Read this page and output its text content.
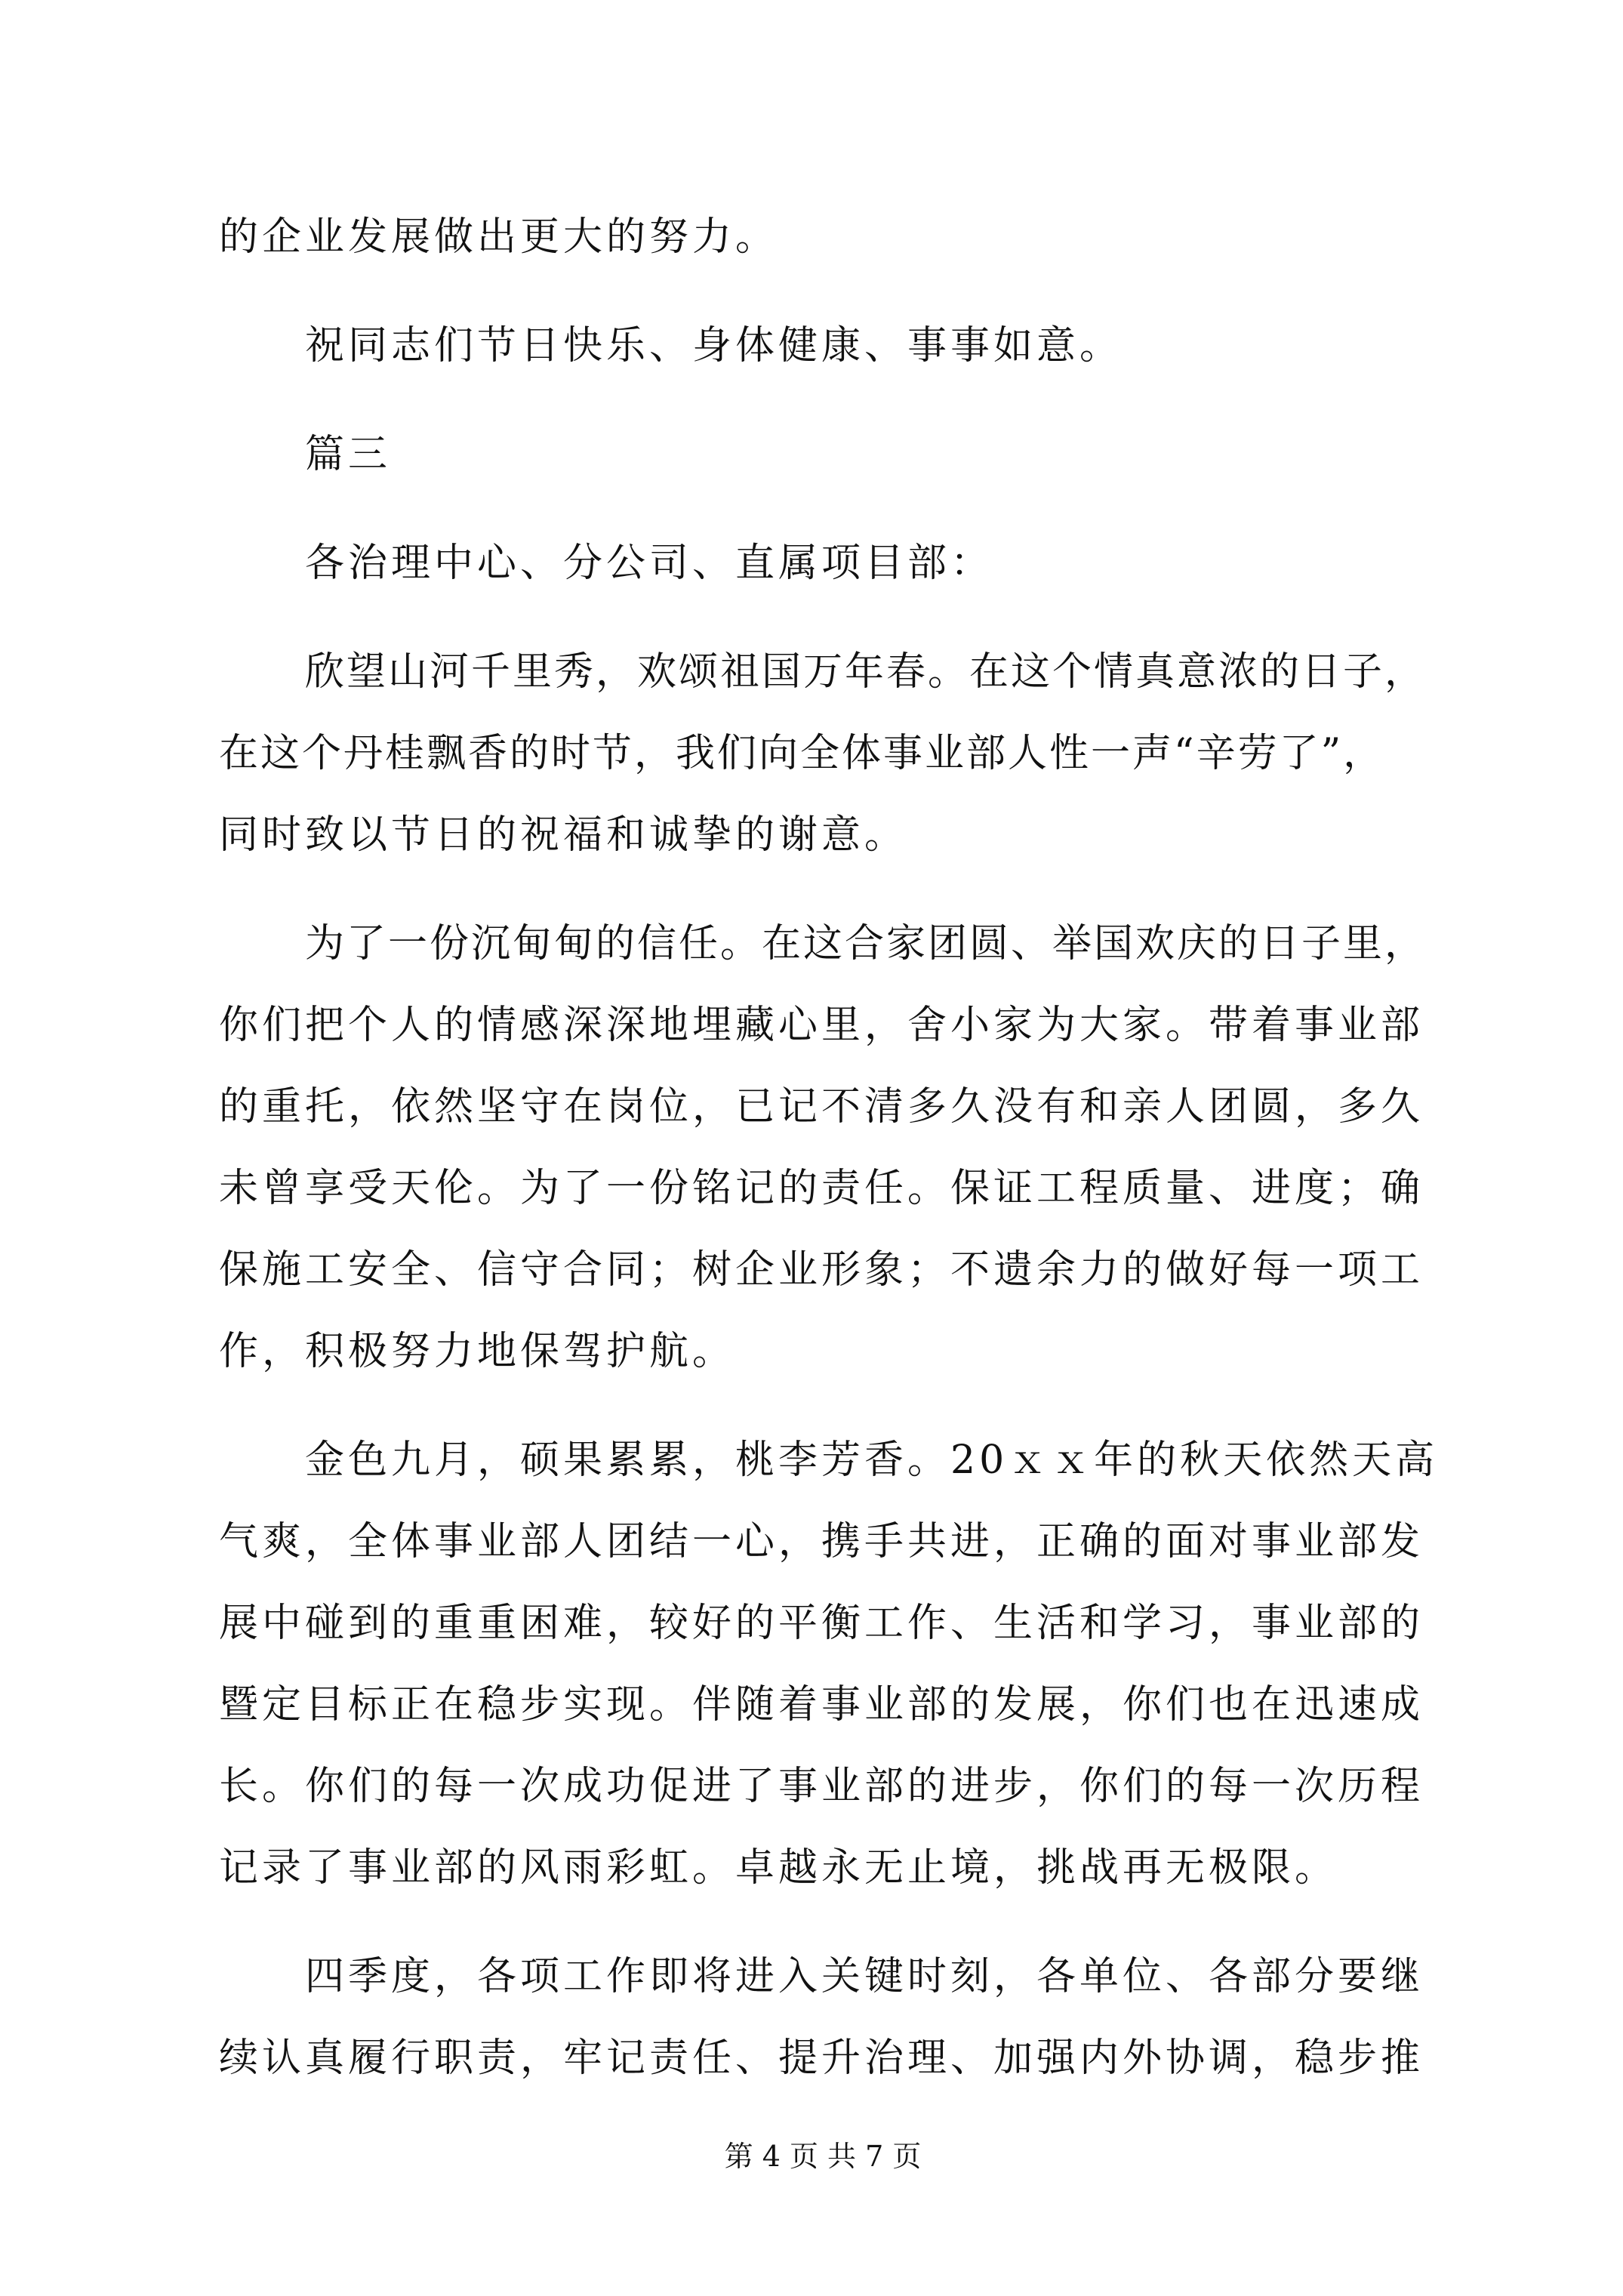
的企业发展做出更大的努力。
祝同志们节日快乐、身体健康、事事如意。
篇三
各治理中心、分公司、直属项目部：
欣望山河千里秀，欢颂祖国万年春。在这个情真意浓的日子，
在这个丹桂飘香的时节，我们向全体事业部人性一声“辛劳了”，
同时致以节日的祝福和诚挚的谢意。
为了一份沉甸甸的信任。在这合家团圆、举国欢庆的日子里，
你们把个人的情感深深地埋藏心里，舍小家为大家。带着事业部
的重托，依然坚守在岗位，已记不清多久没有和亲人团圆，多久
未曾享受天伦。为了一份铭记的责任。保证工程质量、进度；确
保施工安全、信守合同；树企业形象；不遗余力的做好每一项工
作，积极努力地保驾护航。
金色九月，硕果累累，桃李芳香。20ｘｘ年的秋天依然天高
气爽，全体事业部人团结一心，携手共进，正确的面对事业部发
展中碰到的重重困难，较好的平衡工作、生活和学习，事业部的
暨定目标正在稳步实现。伴随着事业部的发展，你们也在迅速成
长。你们的每一次成功促进了事业部的进步，你们的每一次历程
记录了事业部的风雨彩虹。卓越永无止境，挑战再无极限。
四季度，各项工作即将进入关键时刻，各单位、各部分要继
续认真履行职责，牢记责任、提升治理、加强内外协调，稳步推
第 4 页 共 7 页
